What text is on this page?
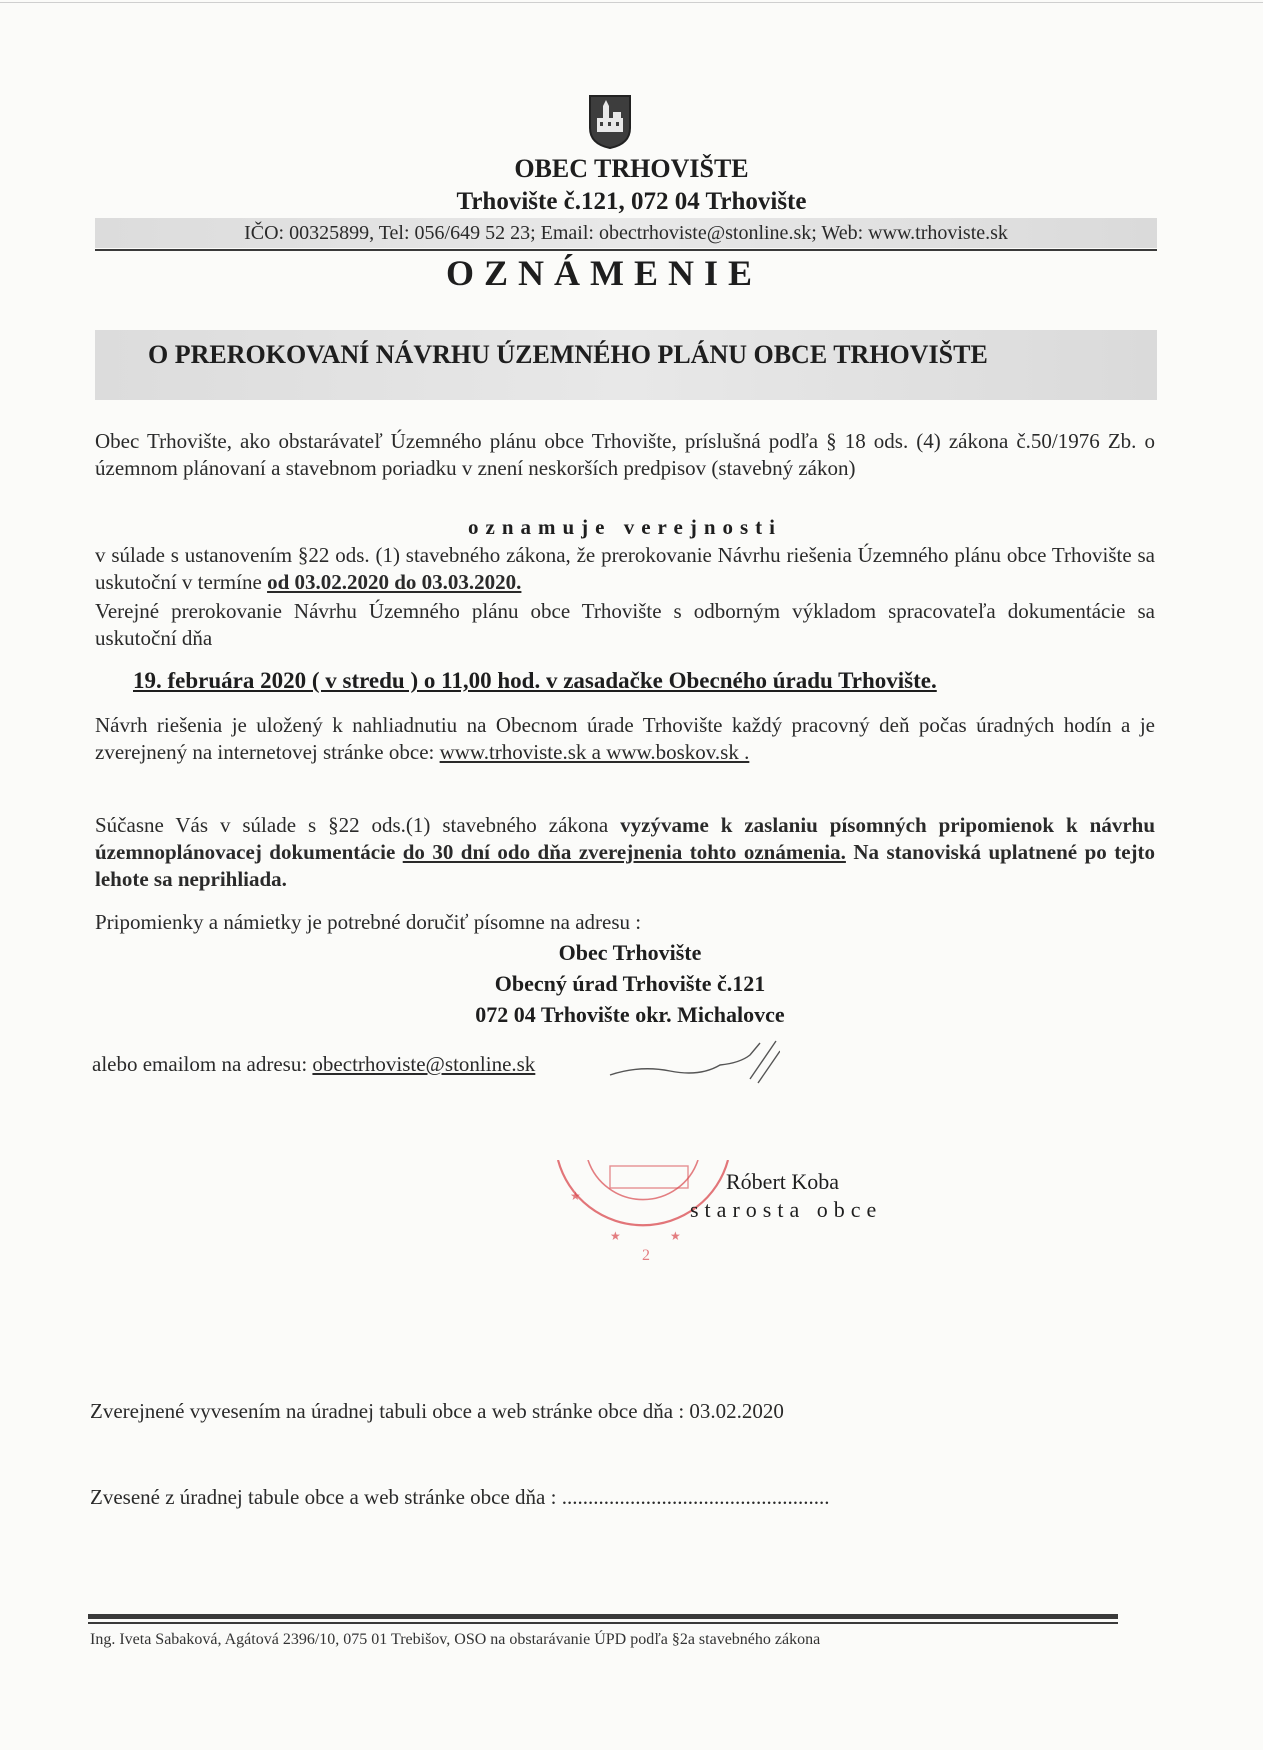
OBEC TRHOVIŠTE
Trhovište č.121, 072 04 Trhovište
IČO: 00325899, Tel: 056/649 52 23; Email: obectrhoviste@stonline.sk; Web: www.trhoviste.sk
OZNÁMENIE
O PREROKOVANÍ NÁVRHU ÚZEMNÉHO PLÁNU OBCE TRHOVIŠTE
Obec Trhovište, ako obstarávateľ Územného plánu obce Trhovište, príslušná podľa § 18 ods. (4) zákona č.50/1976 Zb. o územnom plánovaní a stavebnom poriadku v znení neskorších predpisov (stavebný zákon)
oznamuje verejnosti
v súlade s ustanovením §22 ods. (1) stavebného zákona, že prerokovanie Návrhu riešenia Územného plánu obce Trhovište sa uskutoční v termíne od 03.02.2020 do 03.03.2020.
Verejné prerokovanie Návrhu Územného plánu obce Trhovište s odborným výkladom spracovateľa dokumentácie sa uskutoční dňa
19. februára 2020 ( v stredu ) o 11,00 hod. v zasadačke Obecného úradu Trhovište.
Návrh riešenia je uložený k nahliadnutiu na Obecnom úrade Trhovište každý pracovný deň počas úradných hodín a je zverejnený na internetovej stránke obce: www.trhoviste.sk a www.boskov.sk .
Súčasne Vás v súlade s §22 ods.(1) stavebného zákona vyzývame k zaslaniu písomných pripomienok k návrhu územnoplánovacej dokumentácie do 30 dní odo dňa zverejnenia tohto oznámenia. Na stanoviská uplatnené po tejto lehote sa neprihliada.
Pripomienky a námietky je potrebné doručiť písomne na adresu :
Obec Trhovište
Obecný úrad Trhovište č.121
072 04 Trhovište okr. Michalovce
alebo emailom na adresu: obectrhoviste@stonline.sk
★
★	★
2
Róbert Koba
starosta obce
Zverejnené vyvesením na úradnej tabuli obce a web stránke obce dňa : 03.02.2020
Zvesené z úradnej tabule obce a web stránke obce dňa : ...................................................
Ing. Iveta Sabaková, Agátová 2396/10, 075 01 Trebišov, OSO na obstarávanie ÚPD podľa §2a stavebného zákona
